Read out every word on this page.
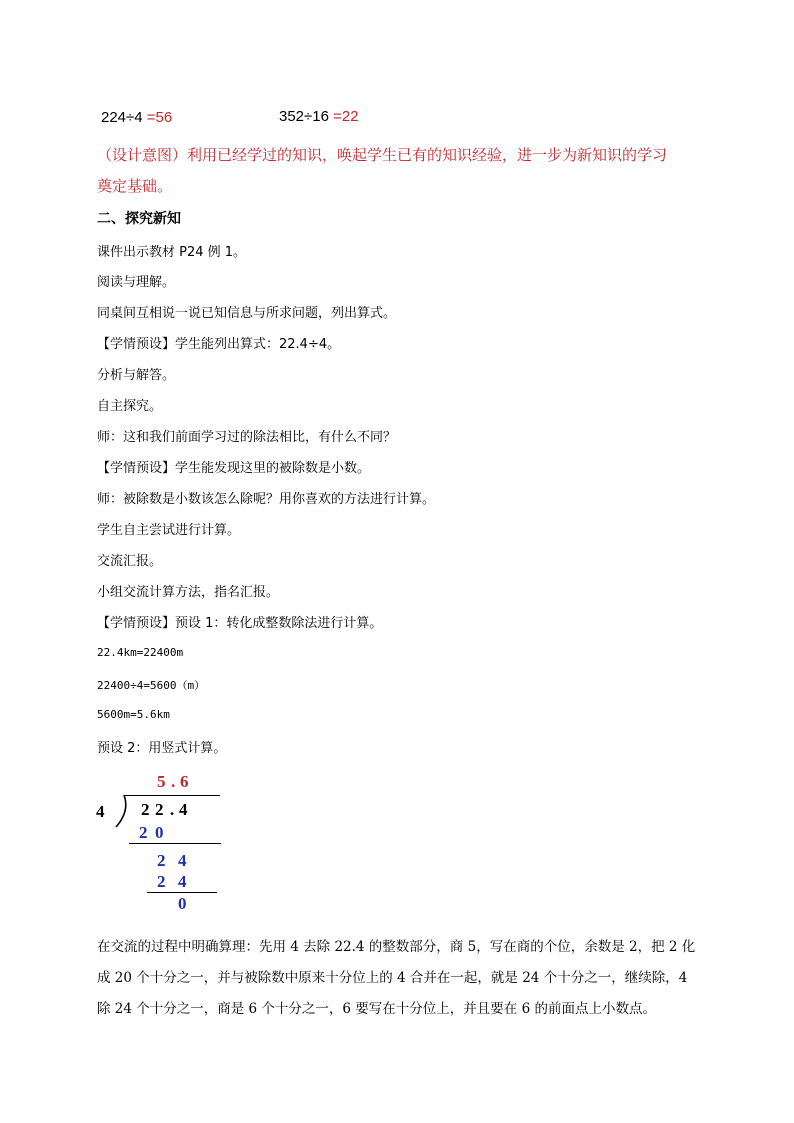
224÷4 =56	352÷16 =22
（设计意图）利用已经学过的知识，唤起学生已有的知识经验，进一步为新知识的学习
奠定基础。
二、探究新知
课件出示教材 P24 例 1。
阅读与理解。
同桌间互相说一说已知信息与所求问题，列出算式。
【学情预设】学生能列出算式：22.4÷4。
分析与解答。
自主探究。
师：这和我们前面学习过的除法相比，有什么不同？
【学情预设】学生能发现这里的被除数是小数。
师：被除数是小数该怎么除呢？用你喜欢的方法进行计算。
学生自主尝试进行计算。
交流汇报。
小组交流计算方法，指名汇报。
【学情预设】预设 1：转化成整数除法进行计算。
22.4km=22400m
22400÷4=5600（m）
5600m=5.6km
预设 2：用竖式计算。
5 . 6
4 2 2 . 4
2 0
2 4
2 4
0
在交流的过程中明确算理：先用 4 去除 22.4 的整数部分，商 5，写在商的个位，余数是 2，把 2 化
成 20 个十分之一，并与被除数中原来十分位上的 4 合并在一起，就是 24 个十分之一，继续除，4
除 24 个十分之一，商是 6 个十分之一，6 要写在十分位上，并且要在 6 的前面点上小数点。
